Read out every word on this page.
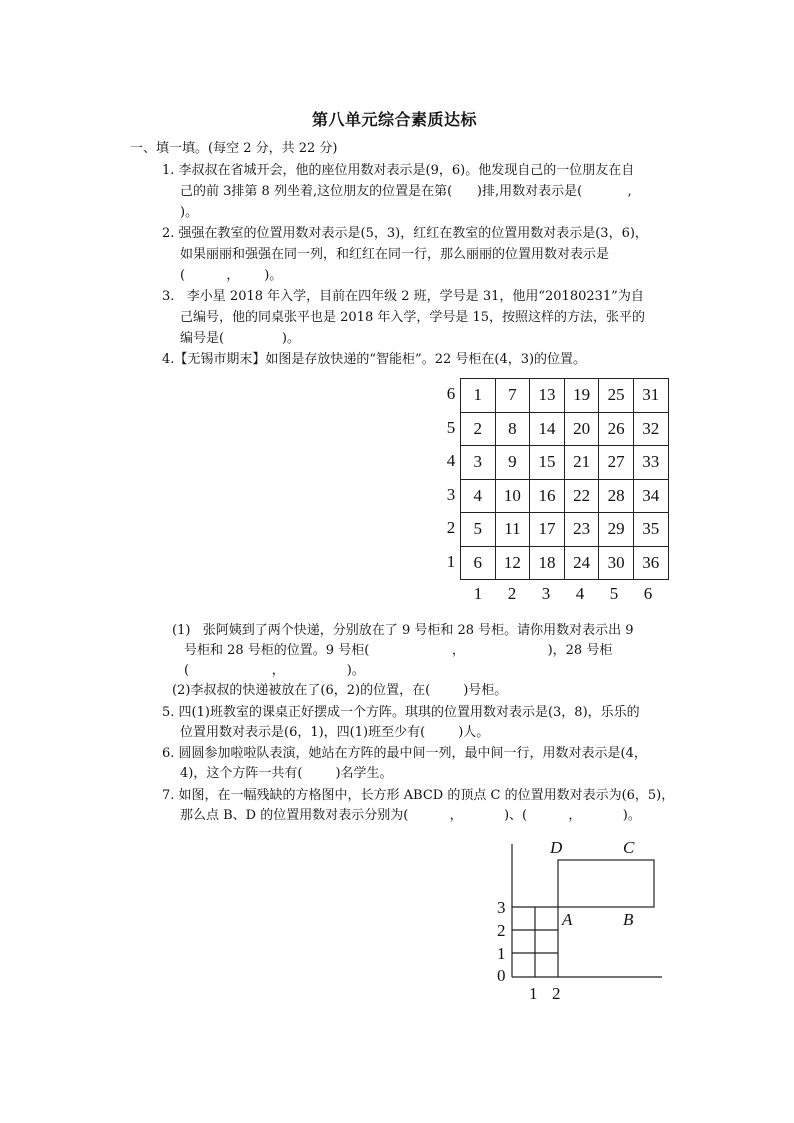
第八单元综合素质达标
一、填一填。(每空 2 分，共 22 分)
1. 李叔叔在省城开会，他的座位用数对表示是(9，6)。他发现自己的一位朋友在自
己的前 3排第 8 列坐着,这位朋友的位置是在第(      )排,用数对表示是(           ,
)。
2. 强强在教室的位置用数对表示是(5，3)，红红在教室的位置用数对表示是(3，6)，
如果丽丽和强强在同一列，和红红在同一行，那么丽丽的位置用数对表示是
(          ，      )。
3.   李小星 2018 年入学，目前在四年级 2 班，学号是 31，他用“20180231”为自
己编号，他的同桌张平也是 2018 年入学，学号是 15，按照这样的方法，张平的
编号是(              )。
4.【无锡市期末】如图是存放快递的“智能柜”。22 号柜在(4，3)的位置。
6
5
4
3
2
1
1	7	13	19	25	31
2	8	14	20	26	32
3	9	15	21	27	33
4	10	16	22	28	34
5	11	17	23	29	35
6	12	18	24	30	36
1	2	3	4	5	6
(1)   张阿姨到了两个快递，分别放在了 9 号柜和 28 号柜。请你用数对表示出 9
号柜和 28 号柜的位置。9 号柜(                    ，                    )，28 号柜
(                    ，               )。
(2)李叔叔的快递被放在了(6，2)的位置，在(        )号柜。
5. 四(1)班教室的课桌正好摆成一个方阵。琪琪的位置用数对表示是(3，8)，乐乐的
位置用数对表示是(6，1)，四(1)班至少有(        )人。
6. 圆圆参加啦啦队表演，她站在方阵的最中间一列，最中间一行，用数对表示是(4，
4)，这个方阵一共有(        )名学生。
7. 如图，在一幅残缺的方格图中，长方形 ABCD 的顶点 C 的位置用数对表示为(6，5)，
那么点 B、D 的位置用数对表示分别为(          ，          )、(          ，          )。
D	C
A	B
3
2
1
0
1 2
